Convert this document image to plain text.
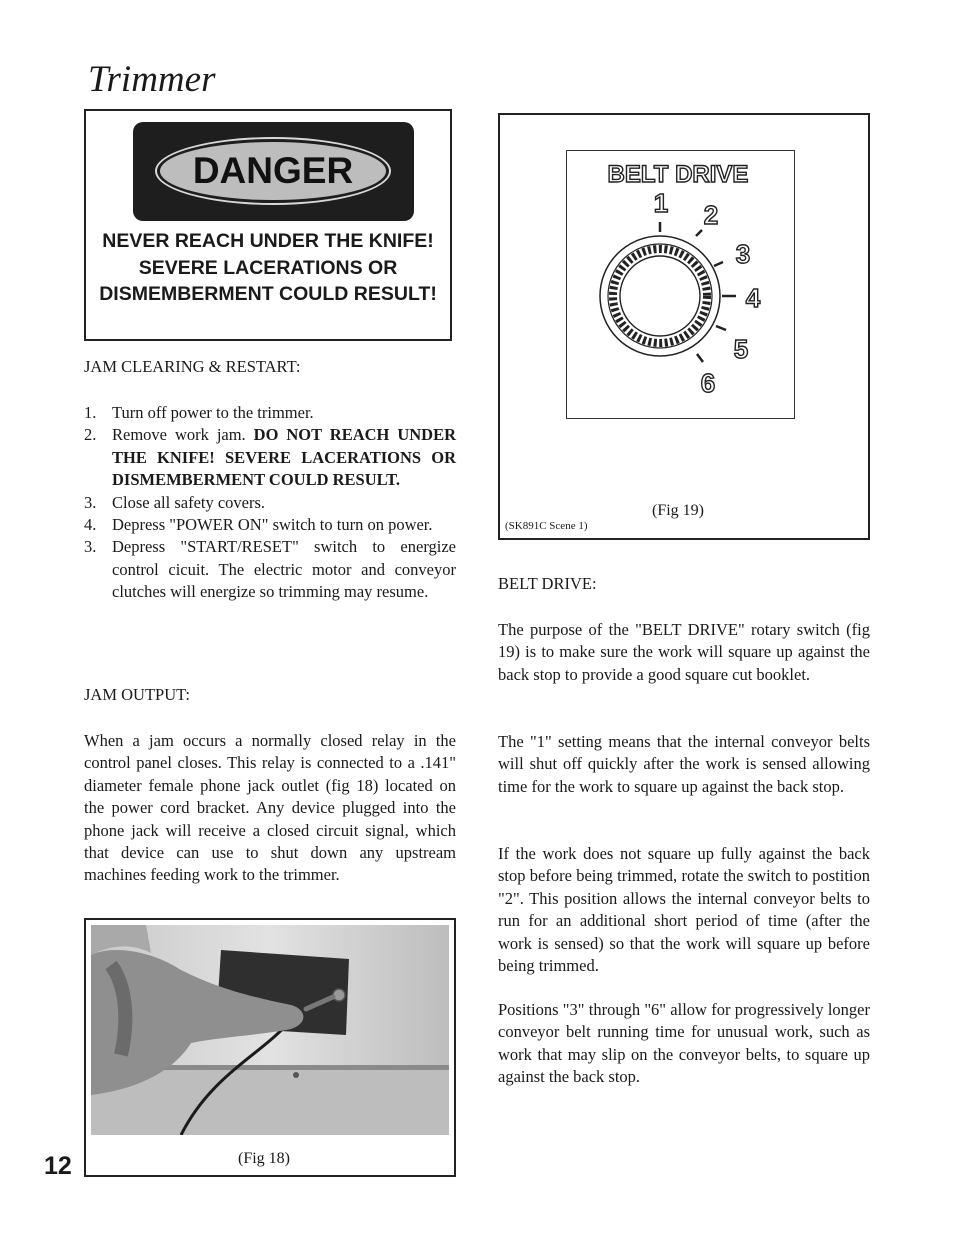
Trimmer
DANGER
NEVER REACH UNDER THE KNIFE! SEVERE LACERATIONS OR DISMEMBERMENT COULD RESULT!
JAM CLEARING & RESTART:
1. Turn off power to the trimmer.
2. Remove work jam. DO NOT REACH UNDER THE KNIFE! SEVERE LACERATIONS OR DISMEMBERMENT COULD RESULT.
3. Close all safety covers.
4. Depress "POWER ON" switch to turn on power.
3. Depress "START/RESET" switch to energize control cicuit. The electric motor and conveyor clutches will energize so trimming may resume.
JAM OUTPUT:
When a jam occurs a normally closed relay in the control panel closes. This relay is connected to a .141" diameter female phone jack outlet (fig 18) located on the power cord bracket. Any device plugged into the phone jack will receive a closed circuit signal, which that device can use to shut down any upstream machines feeding work to the trimmer.
(Fig 18)
12
BELT DRIVE
1 2
3
4
5
6
(Fig 19)
(SK891C Scene 1)
BELT DRIVE:
The purpose of the "BELT DRIVE" rotary switch (fig 19) is to make sure the work will square up against the back stop to provide a good square cut booklet.
The "1" setting means that the internal conveyor belts will shut off quickly after the work is sensed allowing time for the work to square up against the back stop.
If the work does not square up fully against the back stop before being trimmed, rotate the switch to postition "2". This position allows the internal conveyor belts to run for an additional short period of time (after the work is sensed) so that the work will square up before being trimmed.
Positions "3" through "6" allow for progressively longer conveyor belt running time for unusual work, such as work that may slip on the conveyor belts, to square up against the back stop.
